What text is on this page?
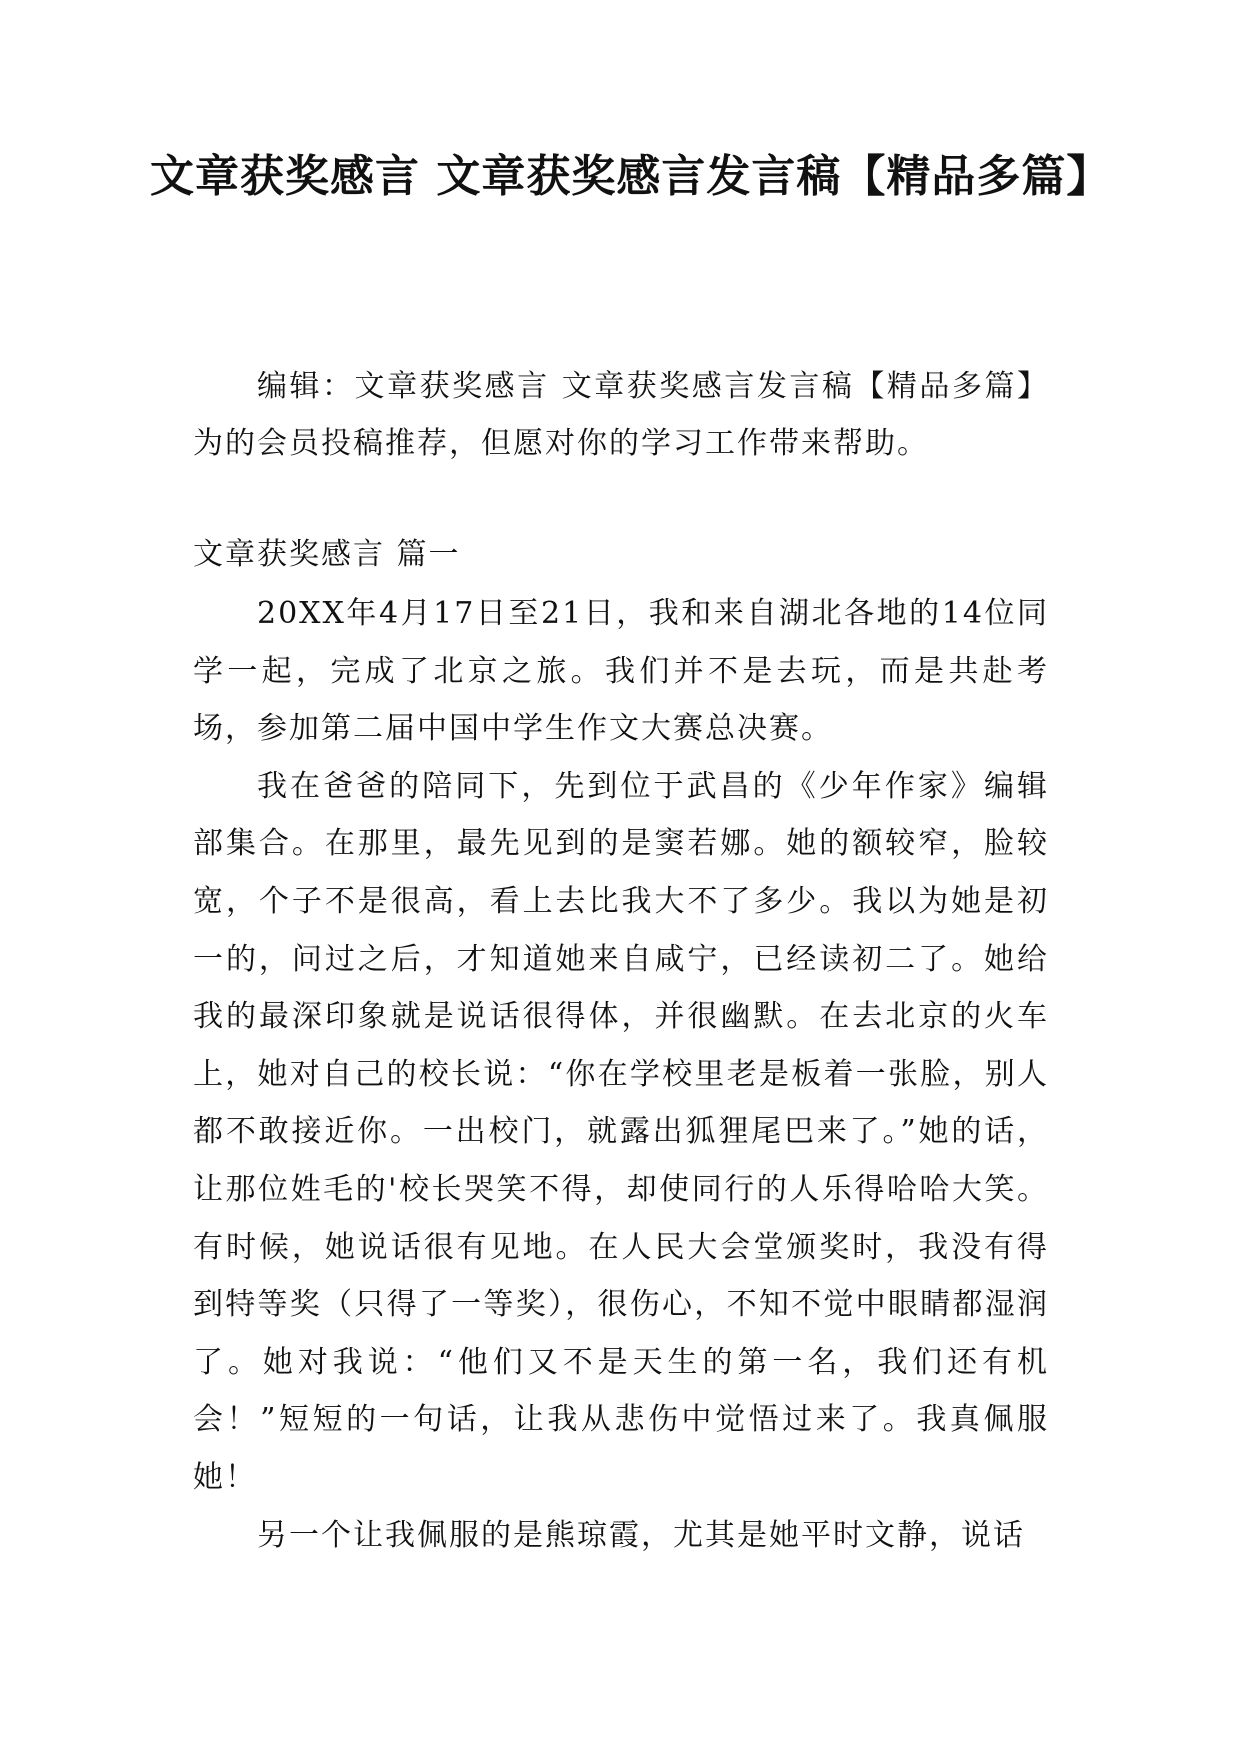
文章获奖感言 文章获奖感言发言稿【精品多篇】

编辑：文章获奖感言 文章获奖感言发言稿【精品多篇】为的会员投稿推荐，但愿对你的学习工作带来帮助。

文章获奖感言 篇一

20XX年4月17日至21日，我和来自湖北各地的14位同学一起，完成了北京之旅。我们并不是去玩，而是共赴考场，参加第二届中国中学生作文大赛总决赛。

我在爸爸的陪同下，先到位于武昌的《少年作家》编辑部集合。在那里，最先见到的是窦若娜。她的额较窄，脸较宽，个子不是很高，看上去比我大不了多少。我以为她是初一的，问过之后，才知道她来自咸宁，已经读初二了。她给我的最深印象就是说话很得体，并很幽默。在去北京的火车上，她对自己的校长说：“你在学校里老是板着一张脸，别人都不敢接近你。一出校门，就露出狐狸尾巴来了。”她的话，让那位姓毛的'校长哭笑不得，却使同行的人乐得哈哈大笑。有时候，她说话很有见地。在人民大会堂颁奖时，我没有得到特等奖（只得了一等奖），很伤心，不知不觉中眼睛都湿润了。她对我说：“他们又不是天生的第一名，我们还有机会！”短短的一句话，让我从悲伤中觉悟过来了。我真佩服她！

另一个让我佩服的是熊琼霞，尤其是她平时文静，说话
